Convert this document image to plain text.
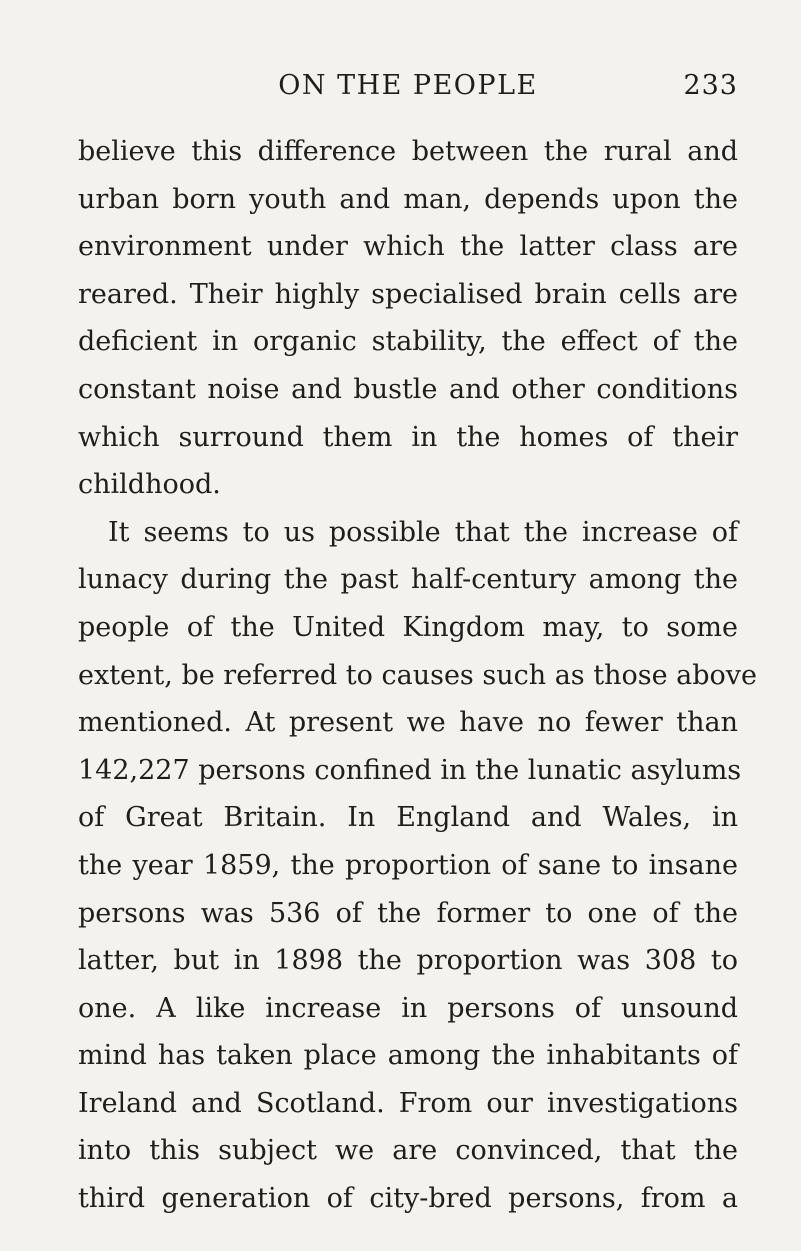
ON THE PEOPLE	233
believe this difference between the rural and
urban born youth and man, depends upon the
environment under which the latter class are
reared. Their highly specialised brain cells are
deficient in organic stability, the effect of the
constant noise and bustle and other conditions
which surround them in the homes of their
childhood.
It seems to us possible that the increase of
lunacy during the past half-century among the
people of the United Kingdom may, to some
extent, be referred to causes such as those above
mentioned. At present we have no fewer than
142,227 persons confined in the lunatic asylums
of Great Britain. In England and Wales, in
the year 1859, the proportion of sane to insane
persons was 536 of the former to one of the
latter, but in 1898 the proportion was 308 to
one. A like increase in persons of unsound
mind has taken place among the inhabitants of
Ireland and Scotland. From our investigations
into this subject we are convinced, that the
third generation of city-bred persons, from a
